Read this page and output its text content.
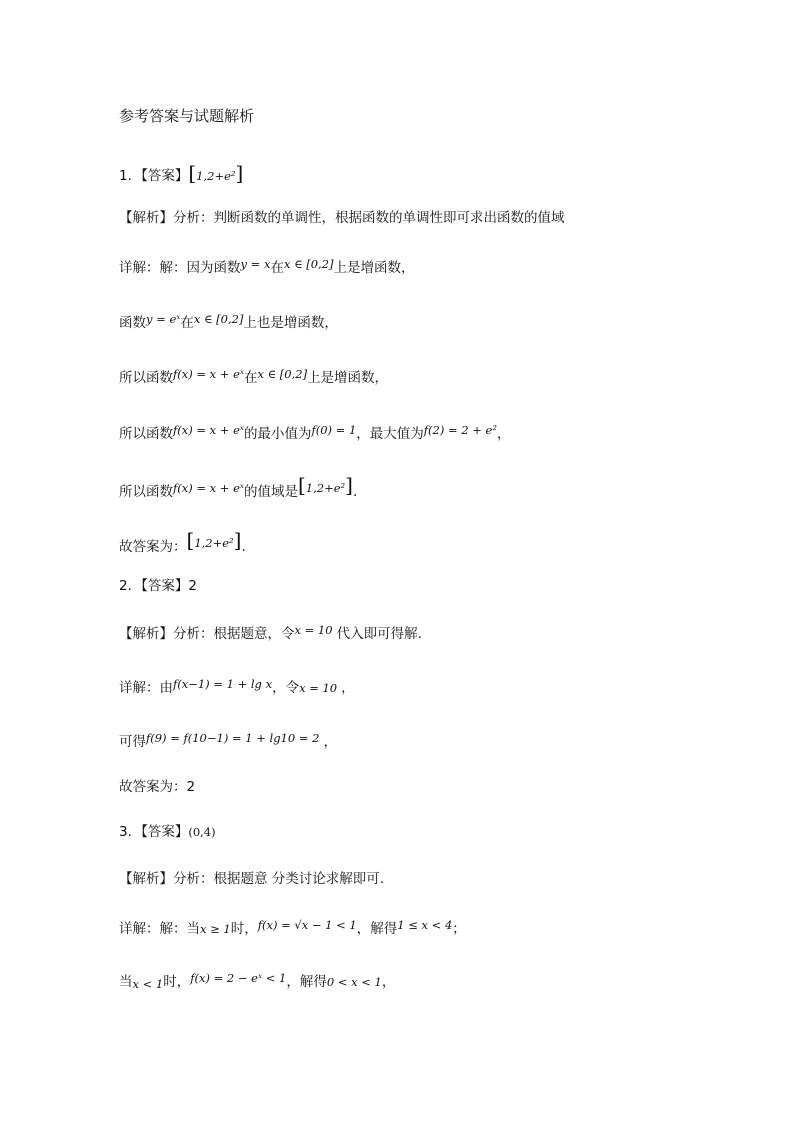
参考答案与试题解析
1．【答案】 [ 1,2+e² ]
【解析】分析：判断函数的单调性，根据函数的单调性即可求出函数的值域
详解：解：因为函数 y = x 在 x ∈ [0,2] 上是增函数，
函数 y = eˣ 在 x ∈ [0,2] 上也是增函数，
所以函数 f(x) = x + eˣ 在 x ∈ [0,2] 上是增函数，
所以函数 f(x) = x + eˣ 的最小值为 f(0) = 1 ，最大值为 f(2) = 2 + e² ，
所以函数 f(x) = x + eˣ 的值域是 [ 1,2+e² ] .
故答案为： [ 1,2+e² ] .
2．【答案】 2
【解析】分析：根据题意，令 x = 10 代入即可得解.
详解：由 f(x−1) = 1 + lg x ，令 x = 10 ，
可得 f(9) = f(10−1) = 1 + lg10 = 2 ，
故答案为：2
3．【答案】 (0,4)
【解析】分析：根据题意 分类讨论求解即可.
详解：解：当 x ≥ 1 时， f(x) = √x − 1 < 1 ，解得 1 ≤ x < 4 ；
当 x < 1 时， f(x) = 2 − eˣ < 1 ，解得 0 < x < 1 ，
